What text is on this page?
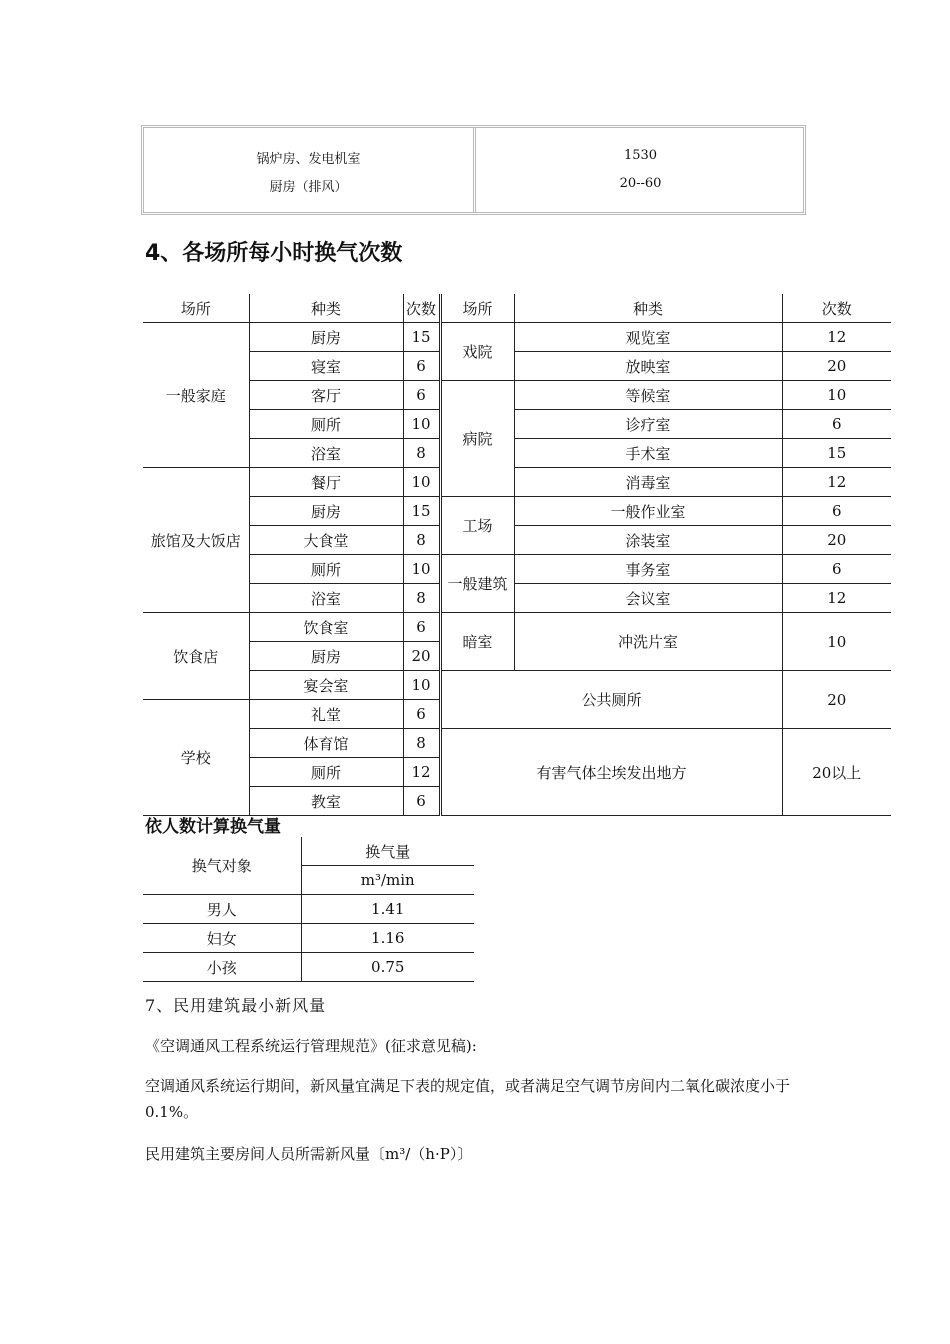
锅炉房、发电机室	1530
厨房（排风）	20--60
4、各场所每小时换气次数
场所	种类	次数	场所	种类	次数
一般家庭	厨房	15	戏院	观览室	12
	寝室	6		放映室	20
	客厅	6	病院	等候室	10
	厕所	10		诊疗室	6
	浴室	8		手术室	15
旅馆及大饭店	餐厅	10		消毒室	12
	厨房	15	工场	一般作业室	6
	大食堂	8		涂装室	20
	厕所	10	一般建筑	事务室	6
	浴室	8		会议室	12
饮食店	饮食室	6	暗室	冲洗片室	10
	厨房	20			
	宴会室	10	公共厕所		20
学校	礼堂	6			
	体育馆	8	有害气体尘埃发出地方		20以上
	厕所	12			
	教室	6			
依人数计算换气量
换气对象	换气量
	m³/min
男人	1.41
妇女	1.16
小孩	0.75

7、民用建筑最小新风量

《空调通风工程系统运行管理规范》(征求意见稿):

空调通风系统运行期间，新风量宜满足下表的规定值，或者满足空气调节房间内二氧化碳浓度小于 0.1%。

民用建筑主要房间人员所需新风量〔m³/（h·P）〕
